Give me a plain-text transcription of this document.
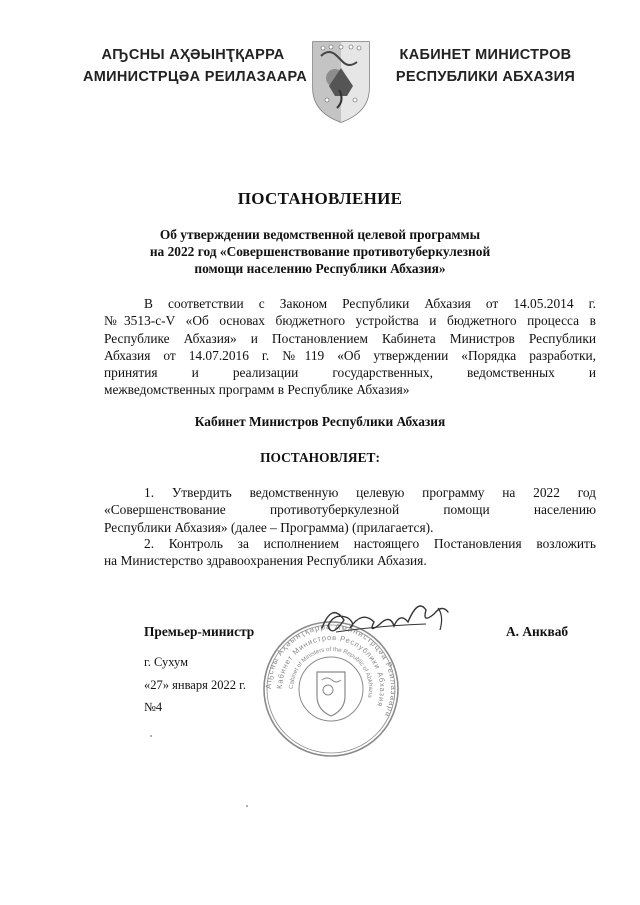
АҦСНЫ АҲӘЫНҬҚАРРА
АМИНИСТРЦӘА РЕИЛАЗААРА
КАБИНЕТ МИНИСТРОВ
РЕСПУБЛИКИ АБХАЗИЯ
ПОСТАНОВЛЕНИЕ
Об утверждении ведомственной целевой программы
на 2022 год «Совершенствование противотуберкулезной
помощи населению Республики Абхазия»
В соответствии с Законом Республики Абхазия от 14.05.2014 г.
№3513-с-V «Об основах бюджетного устройства и бюджетного процесса в
Республике Абхазия» и Постановлением Кабинета Министров Республики
Абхазия от 14.07.2016 г. №119 «Об утверждении «Порядка разработки,
принятия и реализации государственных, ведомственных и
межведомственных программ в Республике Абхазия»
Кабинет Министров Республики Абхазия
ПОСТАНОВЛЯЕТ:
1. Утвердить ведомственную целевую программу на 2022 год
«Совершенствование противотуберкулезной помощи населению
Республики Абхазия» (далее – Программа) (прилагается).
2. Контроль за исполнением настоящего Постановления возложить
на Министерство здравоохранения Республики Абхазия.
Аҧсны Аҳәынҭқарра Аминистрцәа Реилазаара
Кабинет Министров Республики Абхазия
Cabinet of Ministers of the Republic of Abkhazia
Премьер-министр	А. Анкваб
г. Сухум
«27» января 2022 г.
№4
